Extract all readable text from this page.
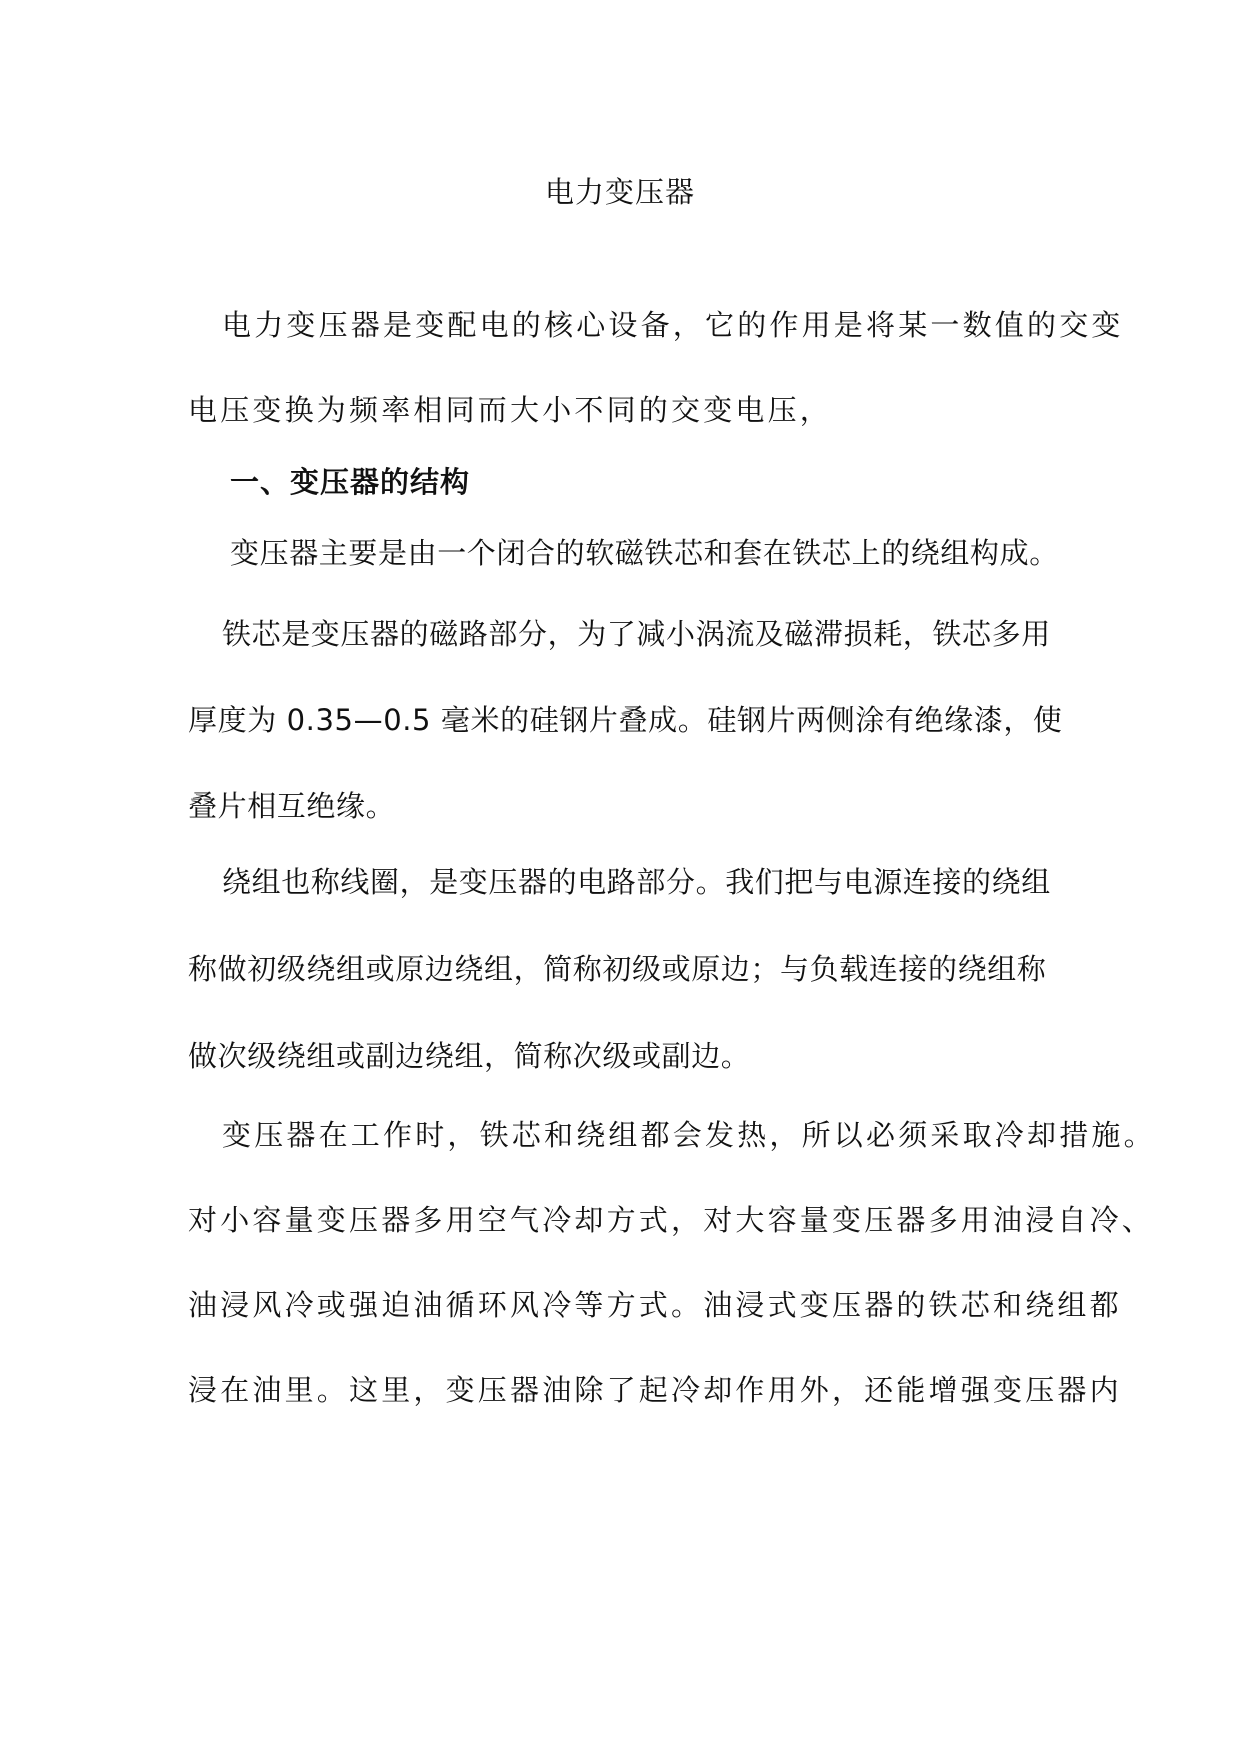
电力变压器
电力变压器是变配电的核心设备，它的作用是将某一数值的交变
电压变换为频率相同而大小不同的交变电压，
一、变压器的结构
变压器主要是由一个闭合的软磁铁芯和套在铁芯上的绕组构成。
铁芯是变压器的磁路部分，为了减小涡流及磁滞损耗，铁芯多用
厚度为 0.35—0.5 毫米的硅钢片叠成。硅钢片两侧涂有绝缘漆，使
叠片相互绝缘。
绕组也称线圈，是变压器的电路部分。我们把与电源连接的绕组
称做初级绕组或原边绕组，简称初级或原边；与负载连接的绕组称
做次级绕组或副边绕组，简称次级或副边。
变压器在工作时，铁芯和绕组都会发热，所以必须采取冷却措施。
对小容量变压器多用空气冷却方式，对大容量变压器多用油浸自冷、
油浸风冷或强迫油循环风冷等方式。油浸式变压器的铁芯和绕组都
浸在油里。这里，变压器油除了起冷却作用外，还能增强变压器内
